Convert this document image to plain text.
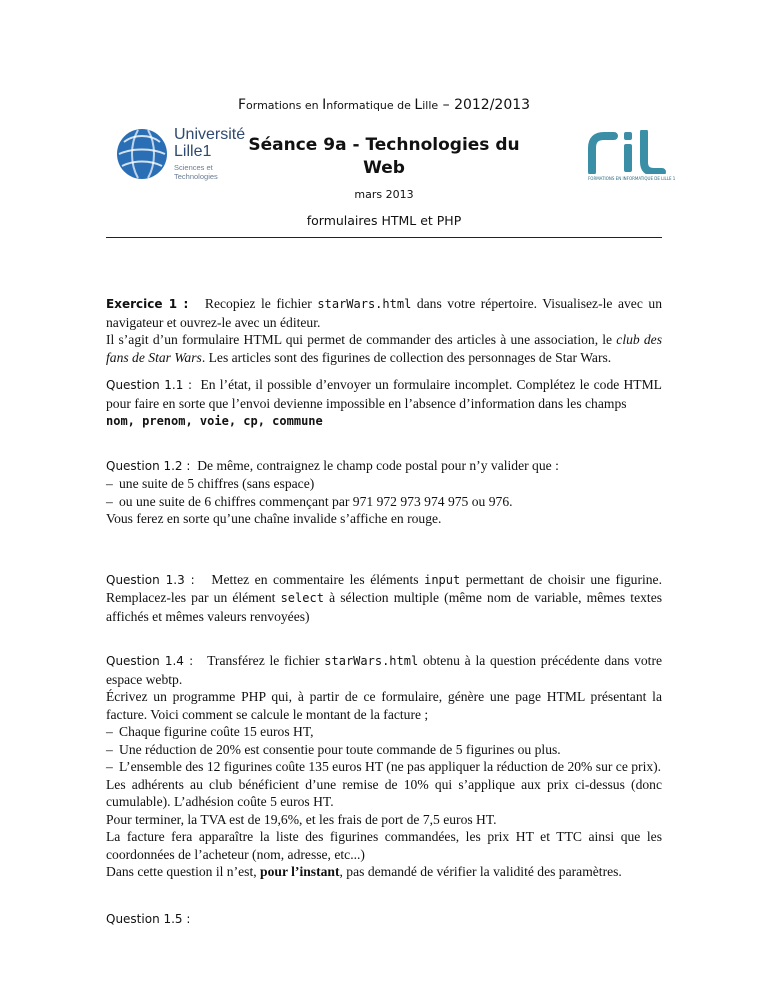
Formations en Informatique de Lille – 2012/2013
Université
Lille1
Sciences et Technologies	FORMATIONS EN INFORMATIQUE DE LILLE 1
Séance 9a - Technologies du
Web
mars 2013
formulaires HTML et PHP

Exercice 1 : Recopiez le fichier starWars.html dans votre répertoire. Visualisez-le avec un navigateur et ouvrez-le avec un éditeur.

Il s’agit d’un formulaire HTML qui permet de commander des articles à une association, le club des fans de Star Wars. Les articles sont des figurines de collection des personnages de Star Wars.

Question 1.1 : En l’état, il possible d’envoyer un formulaire incomplet. Complétez le code HTML pour faire en sorte que l’envoi devienne impossible en l’absence d’information dans les champs
nom, prenom, voie, cp, commune

Question 1.2 : De même, contraignez le champ code postal pour n’y valider que :

– une suite de 5 chiffres (sans espace)
– ou une suite de 6 chiffres commençant par 971 972 973 974 975 ou 976.

Vous ferez en sorte qu’une chaîne invalide s’affiche en rouge.

Question 1.3 : Mettez en commentaire les éléments input permettant de choisir une figurine. Remplacez-les par un élément select à sélection multiple (même nom de variable, mêmes textes affichés et mêmes valeurs renvoyées)

Question 1.4 : Transférez le fichier starWars.html obtenu à la question précédente dans votre espace webtp.

Écrivez un programme PHP qui, à partir de ce formulaire, génère une page HTML présentant la facture. Voici comment se calcule le montant de la facture ;

– Chaque figurine coûte 15 euros HT,
– Une réduction de 20% est consentie pour toute commande de 5 figurines ou plus.
– L’ensemble des 12 figurines coûte 135 euros HT (ne pas appliquer la réduction de 20% sur ce prix).

Les adhérents au club bénéficient d’une remise de 10% qui s’applique aux prix ci-dessus (donc cumulable). L’adhésion coûte 5 euros HT.

Pour terminer, la TVA est de 19,6%, et les frais de port de 7,5 euros HT.

La facture fera apparaître la liste des figurines commandées, les prix HT et TTC ainsi que les coordonnées de l’acheteur (nom, adresse, etc...)

Dans cette question il n’est, pour l’instant, pas demandé de vérifier la validité des paramètres.

Question 1.5 :
